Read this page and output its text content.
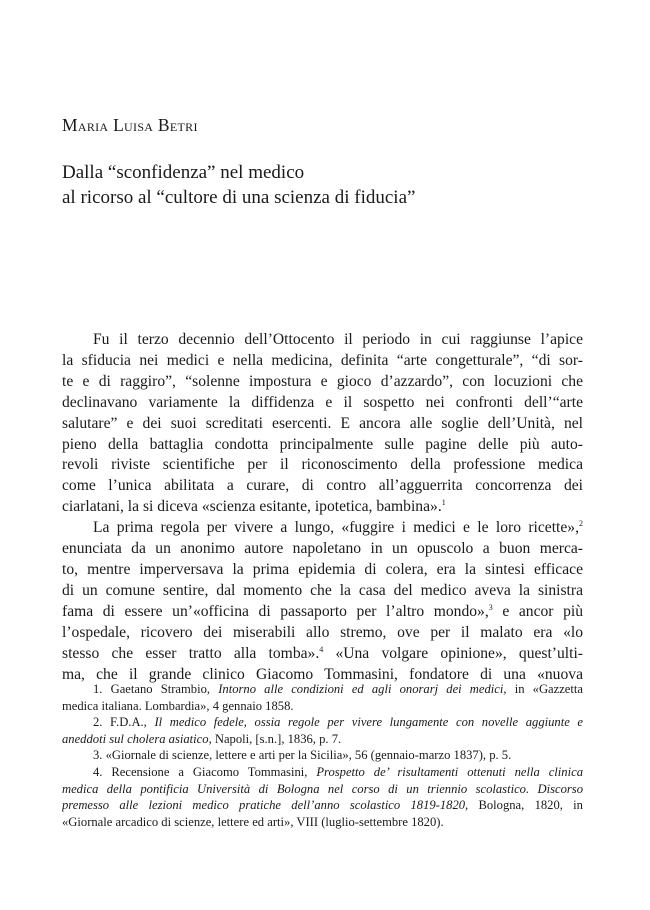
Maria Luisa Betri
Dalla “sconfidenza” nel medico
al ricorso al “cultore di una scienza di fiducia”
Fu il terzo decennio dell’Ottocento il periodo in cui raggiunse l’apice
la sfiducia nei medici e nella medicina, definita “arte congetturale”, “di sor-
te e di raggiro”, “solenne impostura e gioco d’azzardo”, con locuzioni che
declinavano variamente la diffidenza e il sospetto nei confronti dell’“arte
salutare” e dei suoi screditati esercenti. E ancora alle soglie dell’Unità, nel
pieno della battaglia condotta principalmente sulle pagine delle più auto-
revoli riviste scientifiche per il riconoscimento della professione medica
come l’unica abilitata a curare, di contro all’agguerrita concorrenza dei
ciarlatani, la si diceva «scienza esitante, ipotetica, bambina».$^1$
La prima regola per vivere a lungo, «fuggire i medici e le loro ricette»,$^2$
enunciata da un anonimo autore napoletano in un opuscolo a buon merca-
to, mentre imperversava la prima epidemia di colera, era la sintesi efficace
di un comune sentire, dal momento che la casa del medico aveva la sinistra
fama di essere un’«officina di passaporto per l’altro mondo»,$^3$ e ancor più
l’ospedale, ricovero dei miserabili allo stremo, ove per il malato era «lo
stesso che esser tratto alla tomba».$^4$ «Una volgare opinione», quest’ulti-
ma, che il grande clinico Giacomo Tommasini, fondatore di una «nuova
1. Gaetano Strambio, Intorno alle condizioni ed agli onorarj dei medici, in «Gazzetta
medica italiana. Lombardia», 4 gennaio 1858.
2. F.D.A., Il medico fedele, ossia regole per vivere lungamente con novelle aggiunte e
aneddoti sul cholera asiatico, Napoli, [s.n.], 1836, p. 7.
3. «Giornale di scienze, lettere e arti per la Sicilia», 56 (gennaio-marzo 1837), p. 5.
4. Recensione a Giacomo Tommasini, Prospetto de’ risultamenti ottenuti nella clinica
medica della pontificia Università di Bologna nel corso di un triennio scolastico. Discorso
premesso alle lezioni medico pratiche dell’anno scolastico 1819-1820, Bologna, 1820, in
«Giornale arcadico di scienze, lettere ed arti», VIII (luglio-settembre 1820).
